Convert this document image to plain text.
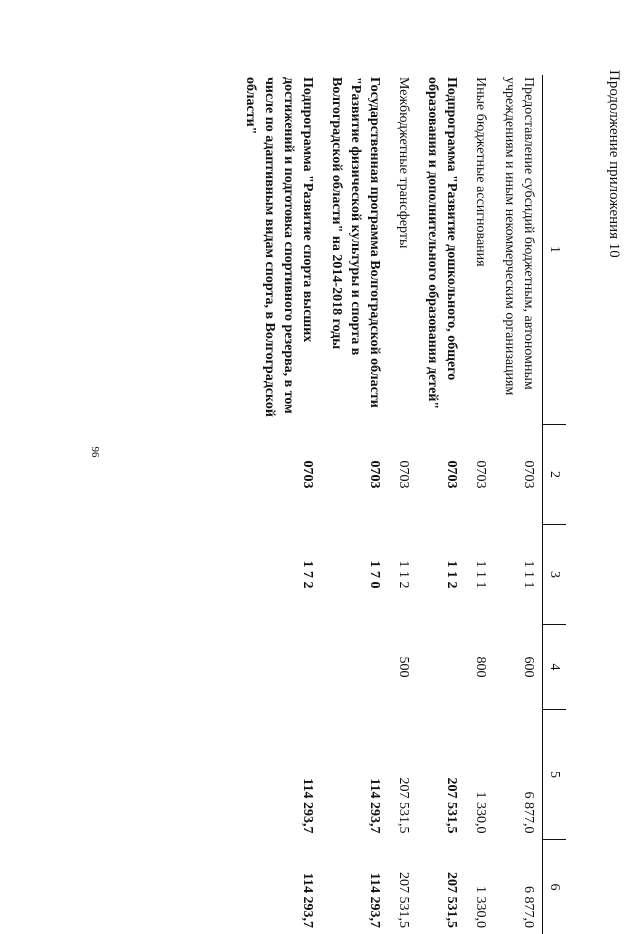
96
Продолжение приложения 10
1	2	3	4	5	6
Предоставление субсидий бюджетным, автономным учреждениям и иным некоммерческим организациям	0703	1 1 1	600	6 877,0	6 877,0
Иные бюджетные ассигнования	0703	1 1 1	800	1 330,0	1 330,0
Подпрограмма "Развитие дошкольного, общего образования и дополнительного образования детей"	0703	1 1 2		207 531,5	207 531,5
Межбюджетные трансферты	0703	1 1 2	500	207 531,5	207 531,5
Государственная программа Волгоградской области "Развитие физической культуры и спорта в Волгоградской области" на 2014-2018 годы	0703	1 7 0		114 293,7	114 293,7
Подпрограмма "Развитие спорта высших достижений и подготовка спортивного резерва, в том числе по адаптивным видам спорта, в Волгоградской области"	0703	1 7 2		114 293,7	114 293,7
